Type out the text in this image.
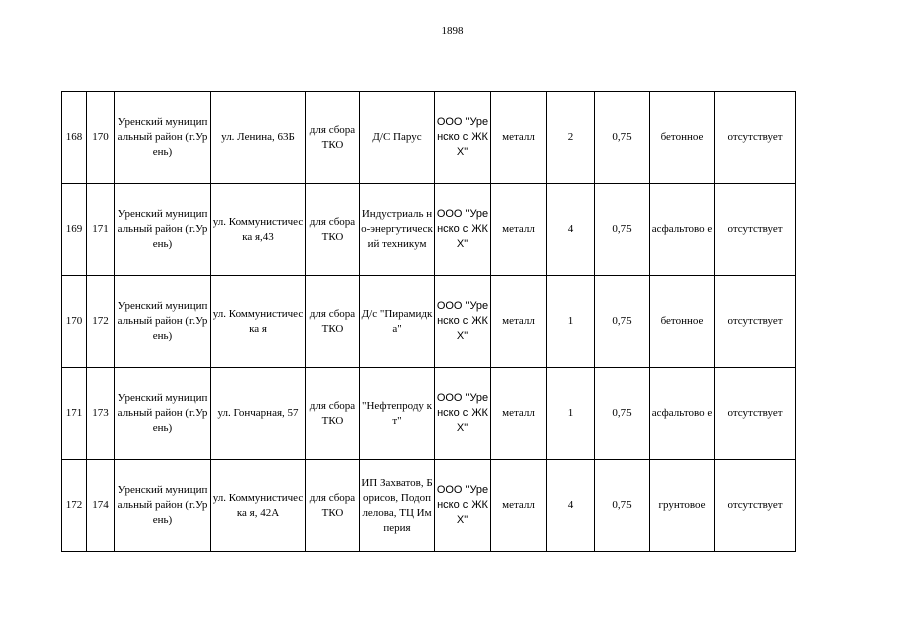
1898
168	170	Уренский муниципальный район (г.Урень)	ул. Ленина, 63Б	для сбора ТКО	Д/С Парус	ООО "Уренско с ЖКХ"	металл	2	0,75	бетонное	отсутствует
169	171	Уренский муниципальный район (г.Урень)	ул. Коммунистическа я,43	для сбора ТКО	Индустриаль но-энергутическ ий техникум	ООО "Уренско с ЖКХ"	металл	4	0,75	асфальтово е	отсутствует
170	172	Уренский муниципальный район (г.Урень)	ул. Коммунистическа я	для сбора ТКО	Д/с "Пирамидка"	ООО "Уренско с ЖКХ"	металл	1	0,75	бетонное	отсутствует
171	173	Уренский муниципальный район (г.Урень)	ул. Гончарная, 57	для сбора ТКО	"Нефтепроду кт"	ООО "Уренско с ЖКХ"	металл	1	0,75	асфальтово е	отсутствует
172	174	Уренский муниципальный район (г.Урень)	ул. Коммунистическа я, 42А	для сбора ТКО	ИП Захватов, Борисов, Подоплелова, ТЦ Империя	ООО "Уренско с ЖКХ"	металл	4	0,75	грунтовое	отсутствует
